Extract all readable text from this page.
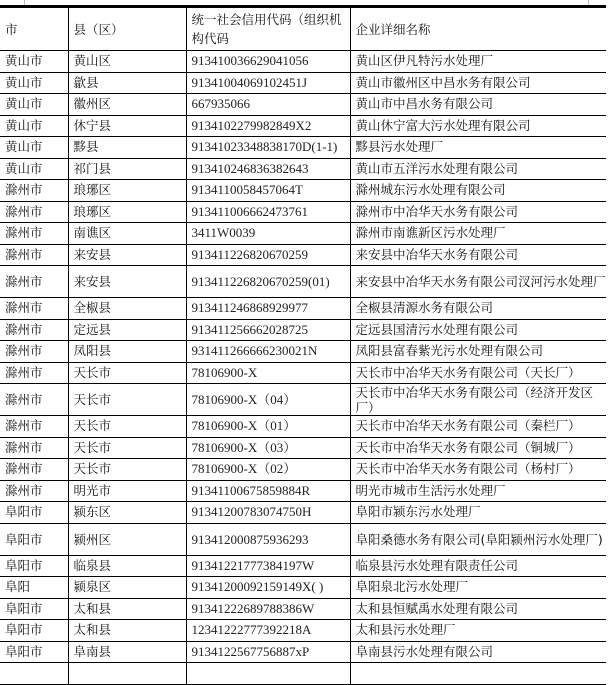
市	县（区）	统一社会信用代码（组织机构代码	企业详细名称
黄山市	黄山区	913410036629041056	黄山区伊凡特污水处理厂
黄山市	歙县	91341004069102451J	黄山市徽州区中昌水务有限公司
黄山市	徽州区	667935066	黄山市中昌水务有限公司
黄山市	休宁县	9134102279982849X2	黄山休宁富大污水处理有限公司
黄山市	黟县	91341023348838170D(1-1)	黟县污水处理厂
黄山市	祁门县	913410246836382643	黄山市五洋污水处理有限公司
滁州市	琅琊区	9134110058457064T	滁州城东污水处理有限公司
滁州市	琅琊区	913411006662473761	滁州市中冶华天水务有限公司
滁州市	南谯区	3411W0039	滁州市南谯新区污水处理厂
滁州市	来安县	913411226820670259	来安县中冶华天水务有限公司
滁州市	来安县	913411226820670259(01)	来安县中冶华天水务有限公司汊河污水处理厂
滁州市	全椒县	913411246868929977	全椒县清源水务有限公司
滁州市	定远县	913411256662028725	定远县国清污水处理有限公司
滁州市	凤阳县	931411266666230021N	凤阳县富春紫光污水处理有限公司
滁州市	天长市	78106900-X	天长市中冶华天水务有限公司（天长厂）
滁州市	天长市	78106900-X（04）	天长市中冶华天水务有限公司（经济开发区厂）
滁州市	天长市	78106900-X（01）	天长市中冶华天水务有限公司（秦栏厂）
滁州市	天长市	78106900-X（03）	天长市中冶华天水务有限公司（铜城厂）
滁州市	天长市	78106900-X（02）	天长市中冶华天水务有限公司（杨村厂）
滁州市	明光市	91341100675859884R	明光市城市生活污水处理厂
阜阳市	颍东区	91341200783074750H	阜阳市颍东污水处理厂
阜阳市	颍州区	913412000875936293	阜阳桑德水务有限公司(阜阳颍州污水处理厂)
阜阳市	临泉县	91341221777384197W	临泉县污水处理有限责任公司
阜阳	颍泉区	91341200092159149X( )	阜阳泉北污水处理厂
阜阳市	太和县	91341222689788386W	太和县恒赋禹水处理有限公司
阜阳市	太和县	12341222777392218A	太和县污水处理厂
阜阳市	阜南县	9134122567756887xP	阜南县污水处理有限公司
